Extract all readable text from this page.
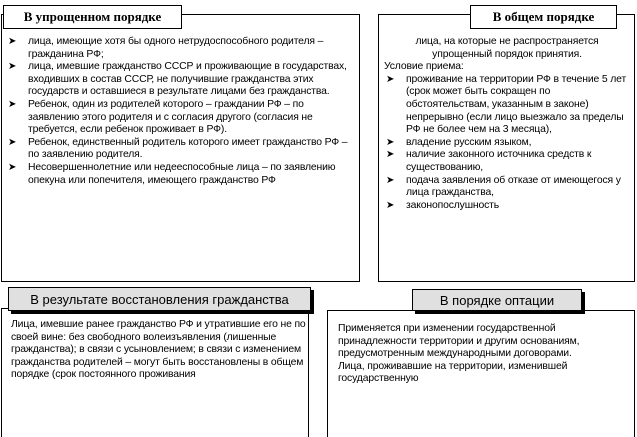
➤ лица, имеющие хотя бы одного нетрудоспособного родителя – гражданина РФ;
➤ лица, имевшие гражданство СССР и проживающие в государствах, входивших в состав СССР, не получившие гражданства этих государств и оставшиеся в результате лицами без гражданства.
➤ Ребенок, один из родителей которого – граждании РФ – по заявлению этого родителя и с согласия другого (согласия не требуется, если ребенок проживает в РФ).
➤ Ребенок, единственный родитель которого имеет гражданство РФ – по заявлению родителя.
➤ Несовершеннолетние или недееспособные лица – по заявлению опекуна или попечителя, имеющего гражданство РФ
В упрощенном порядке
лица, на которые не распространяется упрощенный порядок принятия.
Условие приема:
➤ проживание на территории РФ в течение 5 лет (срок может быть сокращен по обстоятельствам, указанным в законе) непрерывно (если лицо выезжало за пределы РФ не более чем на 3 месяца),
➤ владение русским языком,
➤ наличие законного источника средств к существованию,
➤ подача заявления об отказе от имеющегося у лица гражданства,
➤ законопослушность
В общем порядке
Лица, имевшие ранее гражданство РФ и утратившие его не по своей вине: без свободного волеизъявления (лишенные гражданства); в связи с усыновлением; в связи с изменением гражданства родителей – могут быть восстановлены в общем порядке (срок постоянного проживания
В результате восстановления гражданства
Применяется при изменении государственной принадлежности территории и другим основаниям, предусмотренным международными договорами.
Лица, проживавшие на территории, изменившей государственную
В порядке оптации
